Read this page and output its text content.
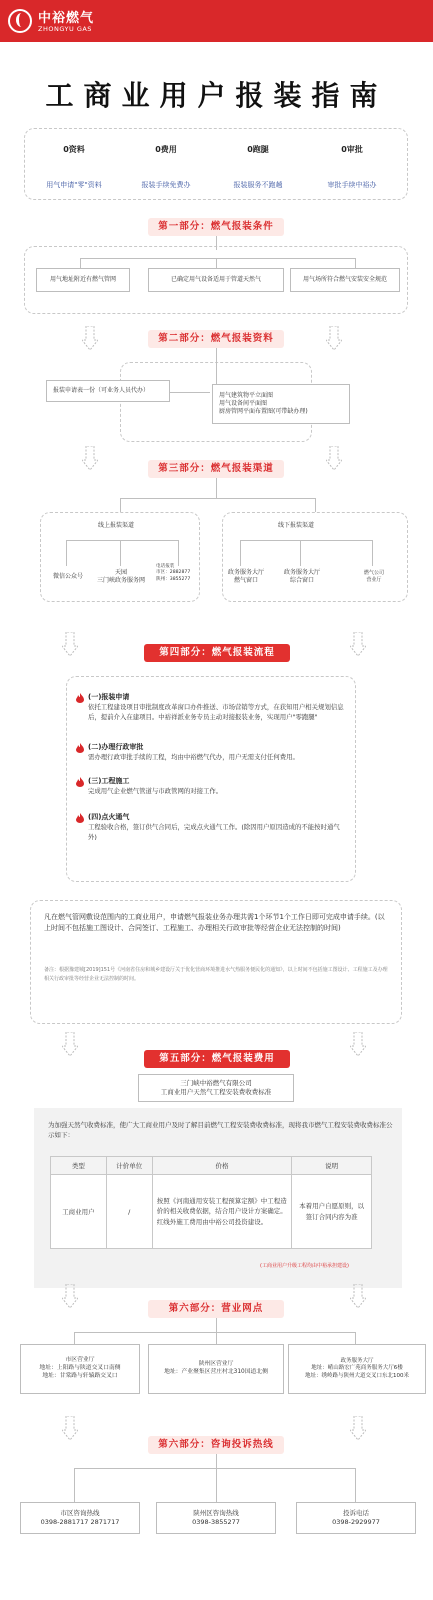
中裕燃气
ZHONGYU GAS
工商业用户报装指南
0资料
用气申请"零"资料
0费用
报装手续免费办
0跑腿
报装服务不跑趟
0审批
审批手续中裕办
第一部分：燃气报装条件
用气地址附近有燃气管网	已确定用气设备适用于管道天然气	用气场所符合燃气安装安全规范
第二部分：燃气报装资料
报装申请表一份（可业务人员代办）
用气建筑物平立面图
用气设备间平面图
厨房管网平面布置图(可带缺办理)
第三部分：燃气报装渠道
线上报装渠道	线下报装渠道
微信公众号
天园
三门峡政务服务网
电话报装
市区：2882877
陕州：3855277
政务服务大厅
燃气窗口
政务服务大厅
综合窗口
燃气公司
营业厅
第四部分：燃气报装流程
(一)报装申请
依托工程建设项目审批制度改革窗口办件推送、市场营销等方式，在获知用户相关规划信息后，提前介入在建项目。中裕祥派业务专员主动对接报装业务，实现用户"零跑腿"
(二)办理行政审批
需办理行政审批手续的工程，均由中裕燃气代办，用户无需支付任何费用。
(三)工程施工
完成用气企业燃气管道与市政管网的对接工作。
(四)点火通气
工程验收合格，签订供气合同后，完成点火通气工作。(除因用户原因造成的不能按时通气外)
凡在燃气管网敷设范围内的工商业用户，申请燃气报装业务办理共需1个环节1个工作日即可完成申请手续。(以上时间不包括施工图设计、合同签订、工程施工、办理相关行政审批等经营企业无法控制的时间)
备注：根据豫建城[2019]151号《河南省住房和城乡建设厅关于优化营商环境推进水气热服务便民化的通知》，以上时间不包括施工图设计、工程施工及办理相关行政审批等经营企业无法控制的时间。
第五部分：燃气报装费用
三门峡中裕燃气有限公司
工商业用户天然气工程安装费收费标准
为加强天然气收费标准，使广大工商业用户及时了解目前燃气工程安装费收费标准，现将我市燃气工程安装费收费标准公示如下：
类型	计价单位	价格	说明
工商业用户	/	按照《河南通用安装工程预算定额》中工程造价的相关收费依据，结合用户设计方案确定。红线外施工费用由中裕公司投资建设。	本着用户自愿原则，以签订合同内容为准
(工商业用户升级工程均由中裕承担建设)
第六部分：营业网点
市区营业厅
地址：上阳路与陕道交叉口南侧
地址：甘棠路与轩辕路交叉口
陕州区营业厅
地址：产业聚集区营庄村北310国道北侧
政务服务大厅
地址：崤山路宏广苑商务服务大厅6楼
地址：绣岭路与陕州大道交叉口东北100米
第六部分：咨询投诉热线
市区咨询热线
0398-2881717 2871717
陕州区咨询热线
0398-3855277
投诉电话
0398-2929977
